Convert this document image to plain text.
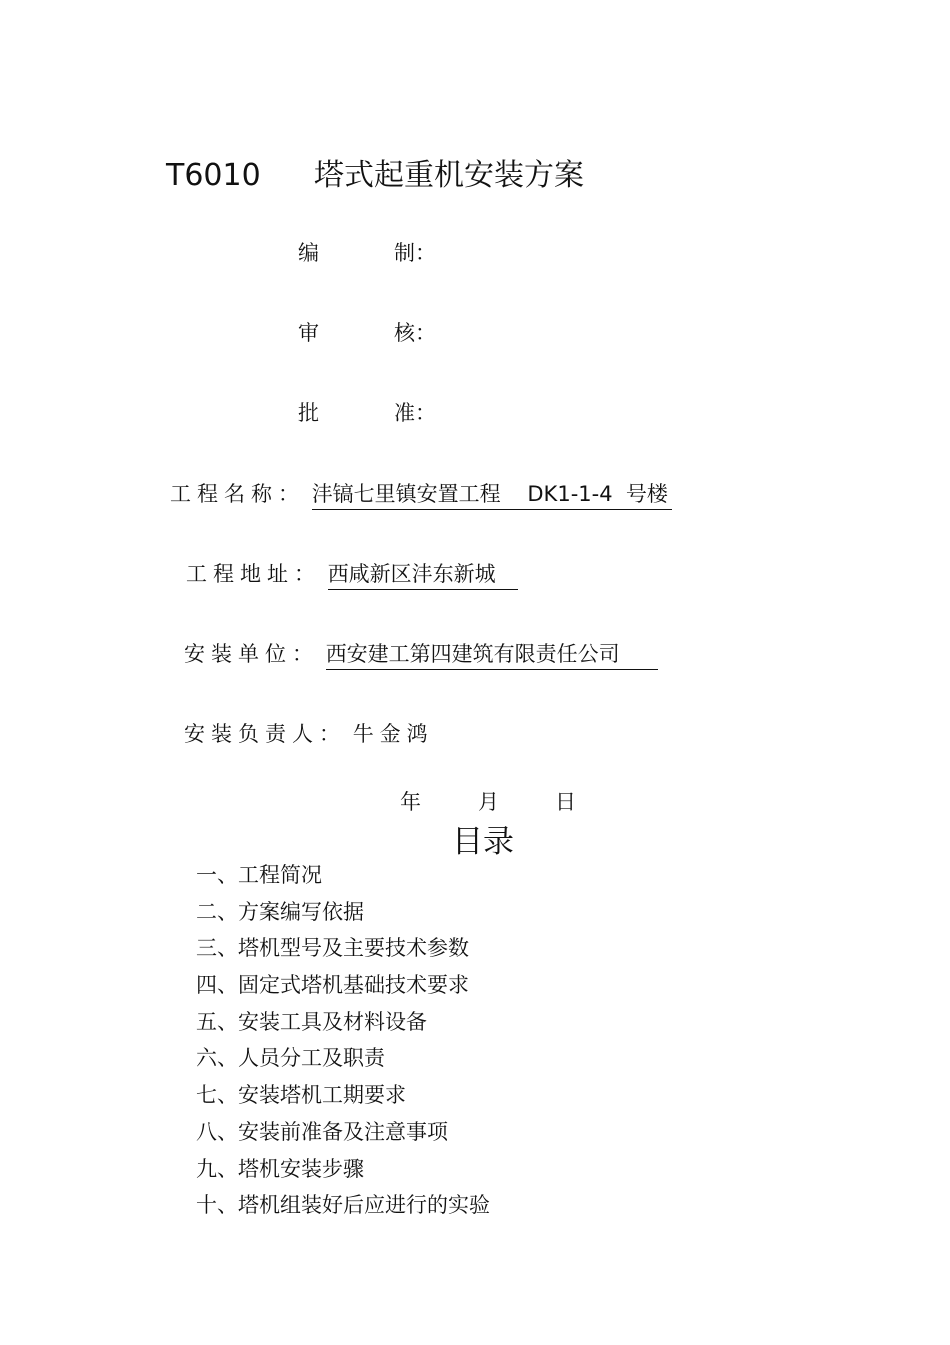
T6010 塔式起重机安装方案
编	制：
审	核：
批	准：
工程名称： 沣镐七里镇安置工程    DK1-1-4  号楼
工程地址： 西咸新区沣东新城
安装单位： 西安建工第四建筑有限责任公司
安装负责人： 牛金鸿
年	月	日
目录
一、工程简况
二、方案编写依据
三、塔机型号及主要技术参数
四、固定式塔机基础技术要求
五、安装工具及材料设备
六、人员分工及职责
七、安装塔机工期要求
八、安装前准备及注意事项
九、塔机安装步骤
十、塔机组装好后应进行的实验
